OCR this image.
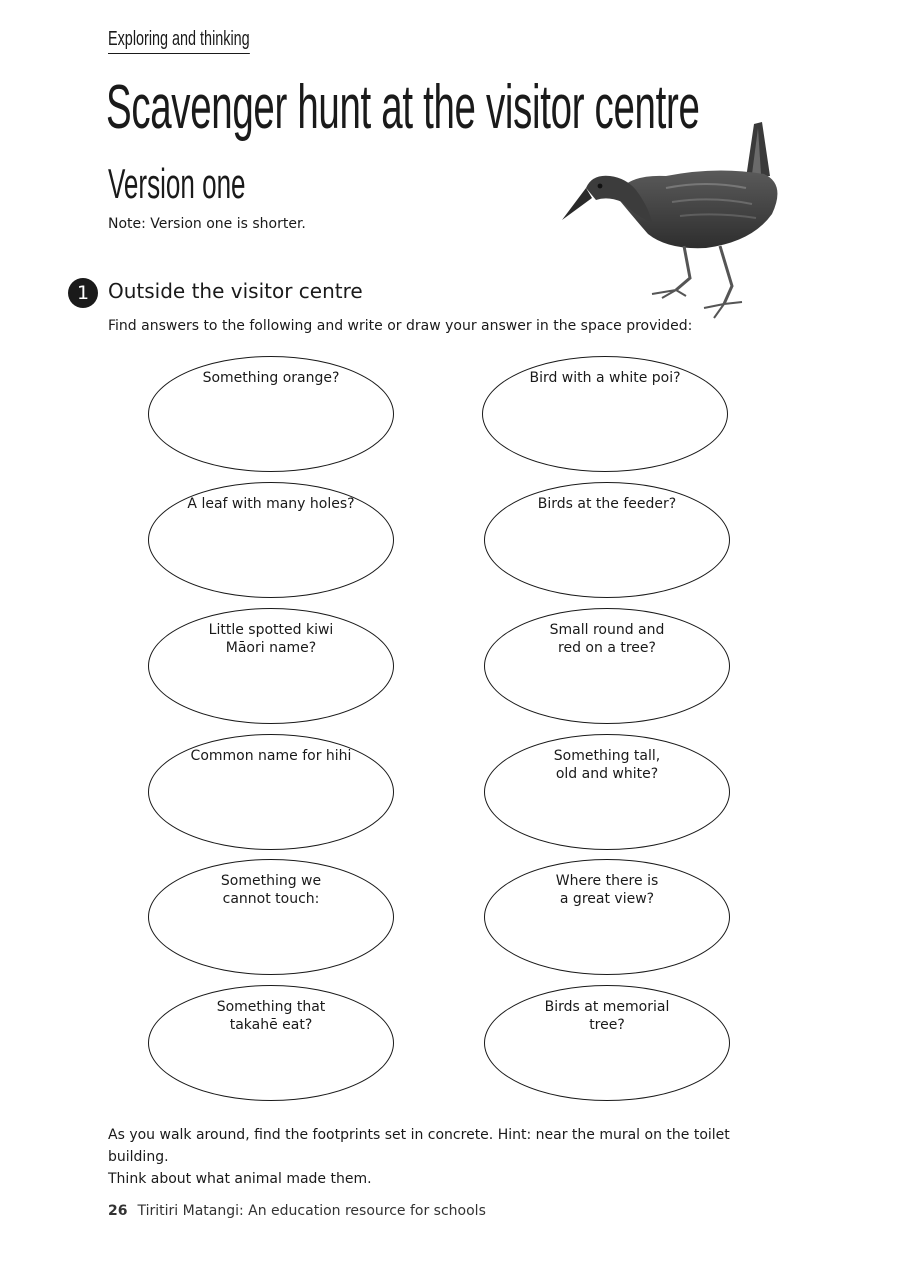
Exploring and thinking
Scavenger hunt at the visitor centre
Version one
Note: Version one is shorter.
1 Outside the visitor centre
Find answers to the following and write or draw your answer in the space provided:
Something orange?
A leaf with many holes?
Little spotted kiwi
Māori name?
Common name for hihi
Something we
cannot touch:
Something that
takahē eat?
Bird with a white poi?
Birds at the feeder?
Small round and
red on a tree?
Something tall,
old and white?
Where there is
a great view?
Birds at memorial
tree?
As you walk around, find the footprints set in concrete. Hint: near the mural on the toilet building.
Think about what animal made them.
26 Tiritiri Matangi: An education resource for schools
